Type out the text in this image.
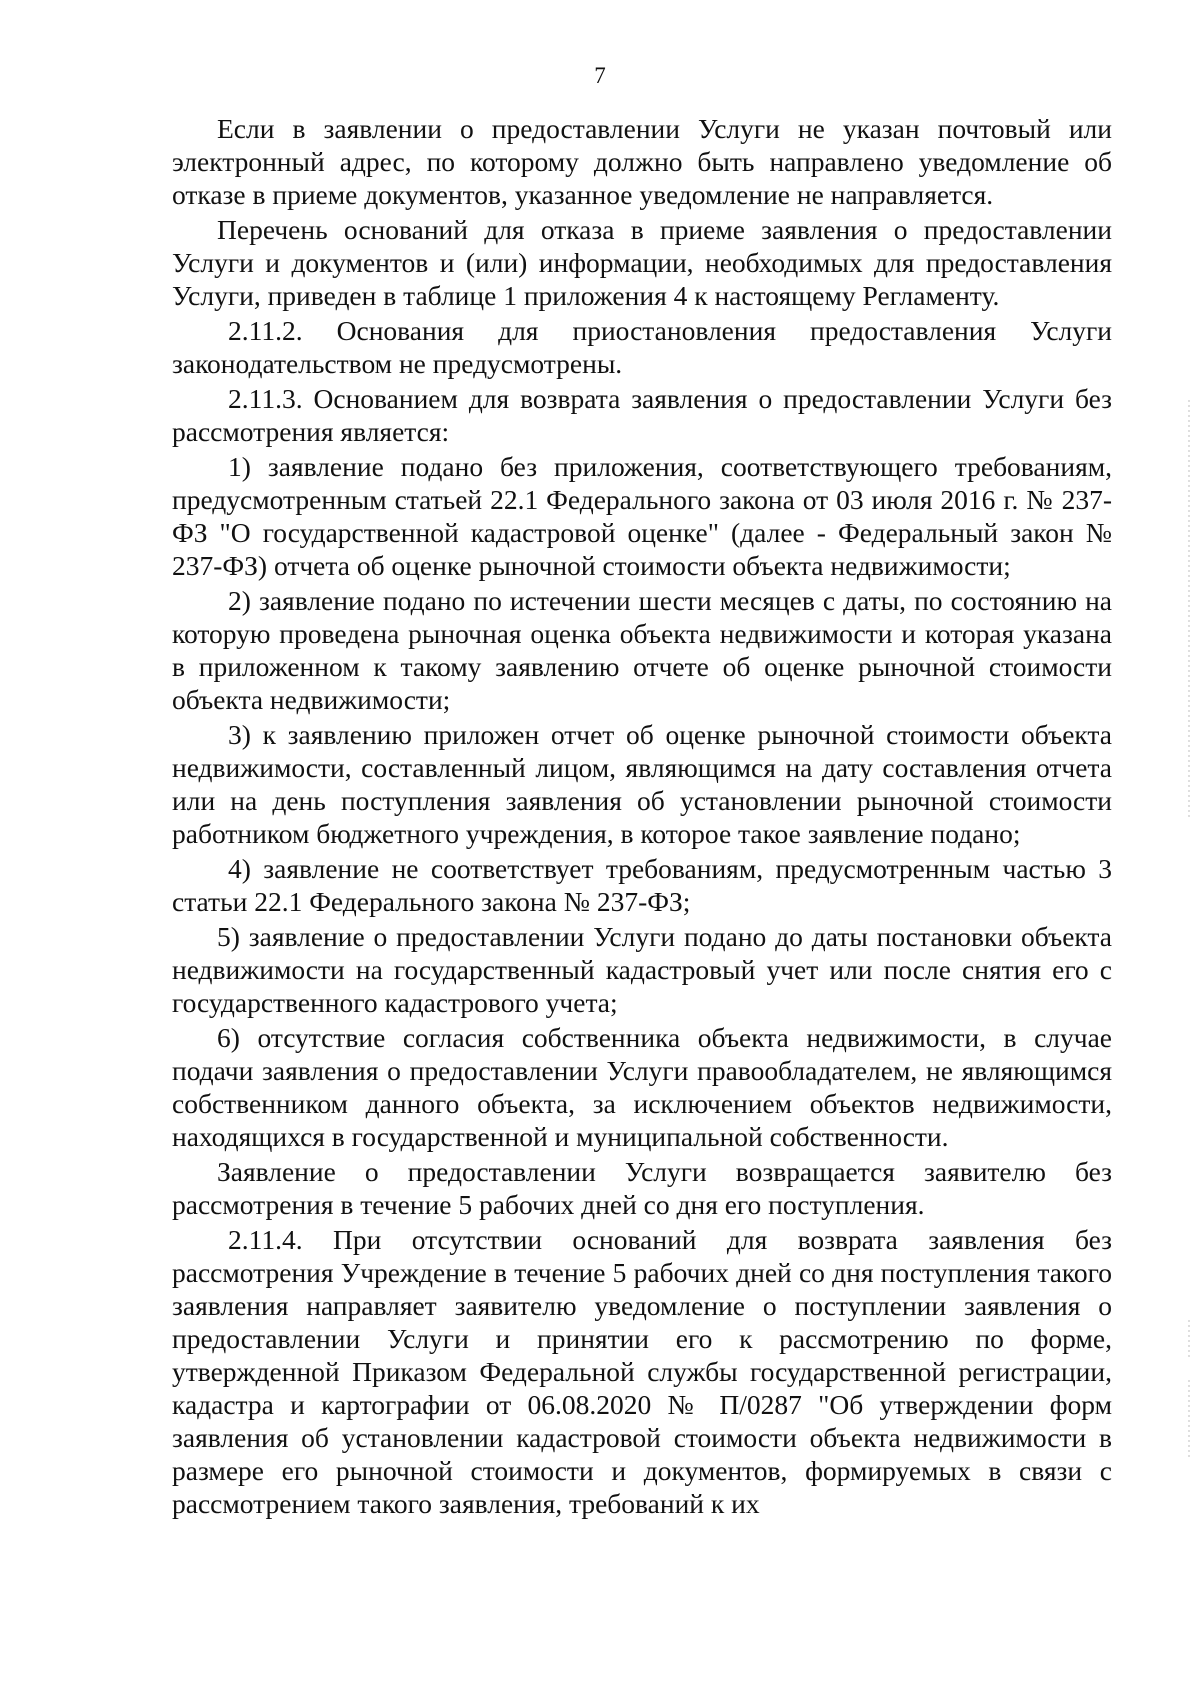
7

Если в заявлении о предоставлении Услуги не указан почтовый или электронный адрес, по которому должно быть направлено уведомление об отказе в приеме документов, указанное уведомление не направляется.

Перечень оснований для отказа в приеме заявления о предоставлении Услуги и документов и (или) информации, необходимых для предоставления Услуги, приведен в таблице 1 приложения 4 к настоящему Регламенту.

2.11.2. Основания для приостановления предоставления Услуги законодательством не предусмотрены.

2.11.3. Основанием для возврата заявления о предоставлении Услуги без рассмотрения является:

1) заявление подано без приложения, соответствующего требованиям, предусмотренным статьей 22.1 Федерального закона от 03 июля 2016 г. № 237-ФЗ "О государственной кадастровой оценке" (далее - Федеральный закон № 237-ФЗ) отчета об оценке рыночной стоимости объекта недвижимости;

2) заявление подано по истечении шести месяцев с даты, по состоянию на которую проведена рыночная оценка объекта недвижимости и которая указана в приложенном к такому заявлению отчете об оценке рыночной стоимости объекта недвижимости;

3) к заявлению приложен отчет об оценке рыночной стоимости объекта недвижимости, составленный лицом, являющимся на дату составления отчета или на день поступления заявления об установлении рыночной стоимости работником бюджетного учреждения, в которое такое заявление подано;

4) заявление не соответствует требованиям, предусмотренным частью 3 статьи 22.1 Федерального закона № 237-ФЗ;

5) заявление о предоставлении Услуги подано до даты постановки объекта недвижимости на государственный кадастровый учет или после снятия его с государственного кадастрового учета;

6) отсутствие согласия собственника объекта недвижимости, в случае подачи заявления о предоставлении Услуги правообладателем, не являющимся собственником данного объекта, за исключением объектов недвижимости, находящихся в государственной и муниципальной собственности.

Заявление о предоставлении Услуги возвращается заявителю без рассмотрения в течение 5 рабочих дней со дня его поступления.

2.11.4. При отсутствии оснований для возврата заявления без рассмотрения Учреждение в течение 5 рабочих дней со дня поступления такого заявления направляет заявителю уведомление о поступлении заявления о предоставлении Услуги и принятии его к рассмотрению по форме, утвержденной Приказом Федеральной службы государственной регистрации, кадастра и картографии от 06.08.2020 № П/0287 "Об утверждении форм заявления об установлении кадастровой стоимости объекта недвижимости в размере его рыночной стоимости и документов, формируемых в связи с рассмотрением такого заявления, требований к их
